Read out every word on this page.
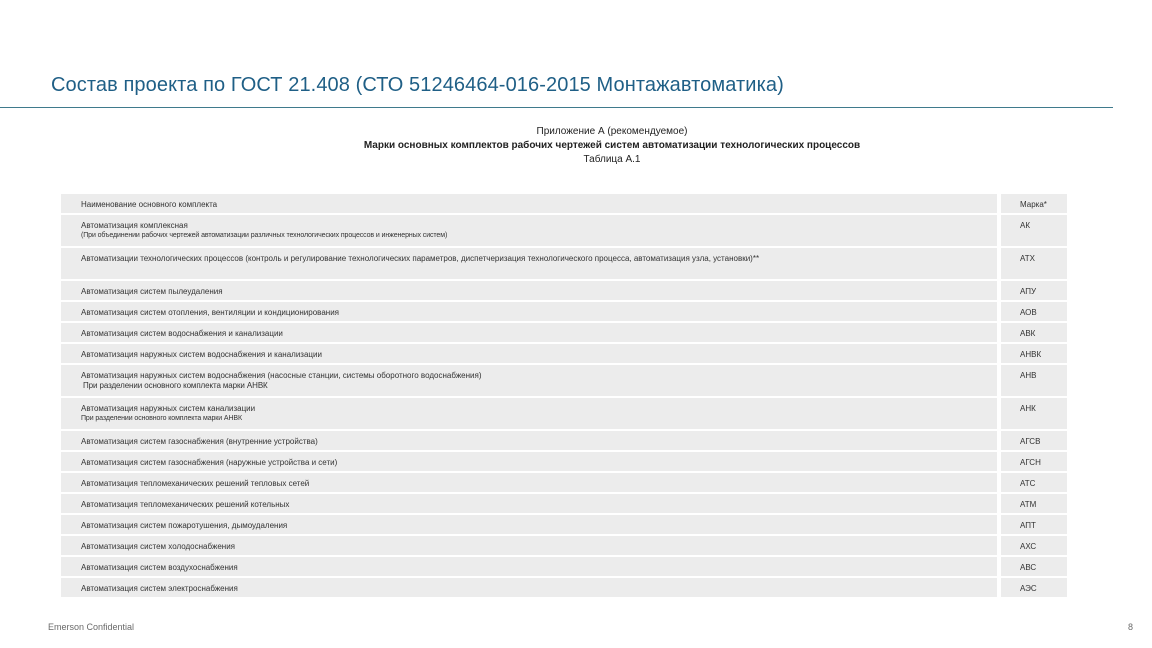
Состав проекта по ГОСТ 21.408 (СТО 51246464-016-2015 Монтажавтоматика)
Приложение А (рекомендуемое)
Марки основных комплектов рабочих чертежей систем автоматизации технологических процессов
Таблица А.1
Наименование основного комплекта		Марка*
Автоматизация комплексная
(При объединении рабочих чертежей автоматизации различных технологических процессов и инженерных систем)		АК
Автоматизации технологических процессов (контроль и регулирование технологических параметров, диспетчеризация технологического процесса, автоматизация узла, установки)**		АТХ
Автоматизация систем пылеудаления		АПУ
Автоматизация систем отопления, вентиляции и кондиционирования		АОВ
Автоматизация систем водоснабжения и канализации		АВК
Автоматизация наружных систем водоснабжения и канализации		АНВК
Автоматизация наружных систем водоснабжения (насосные станции, системы оборотного водоснабжения)
При разделении основного комплекта марки АНВК		АНВ
Автоматизация наружных систем канализации
При разделении основного комплекта марки АНВК		АНК
Автоматизация систем газоснабжения (внутренние устройства)		АГСВ
Автоматизация систем газоснабжения (наружные устройства и сети)		АГСН
Автоматизация тепломеханических решений тепловых сетей		АТС
Автоматизация тепломеханических решений котельных		АТМ
Автоматизация систем пожаротушения, дымоудаления		АПТ
Автоматизация систем холодоснабжения		АХС
Автоматизация систем воздухоснабжения		АВС
Автоматизация систем электроснабжения		АЭС
Emerson Confidential	8
